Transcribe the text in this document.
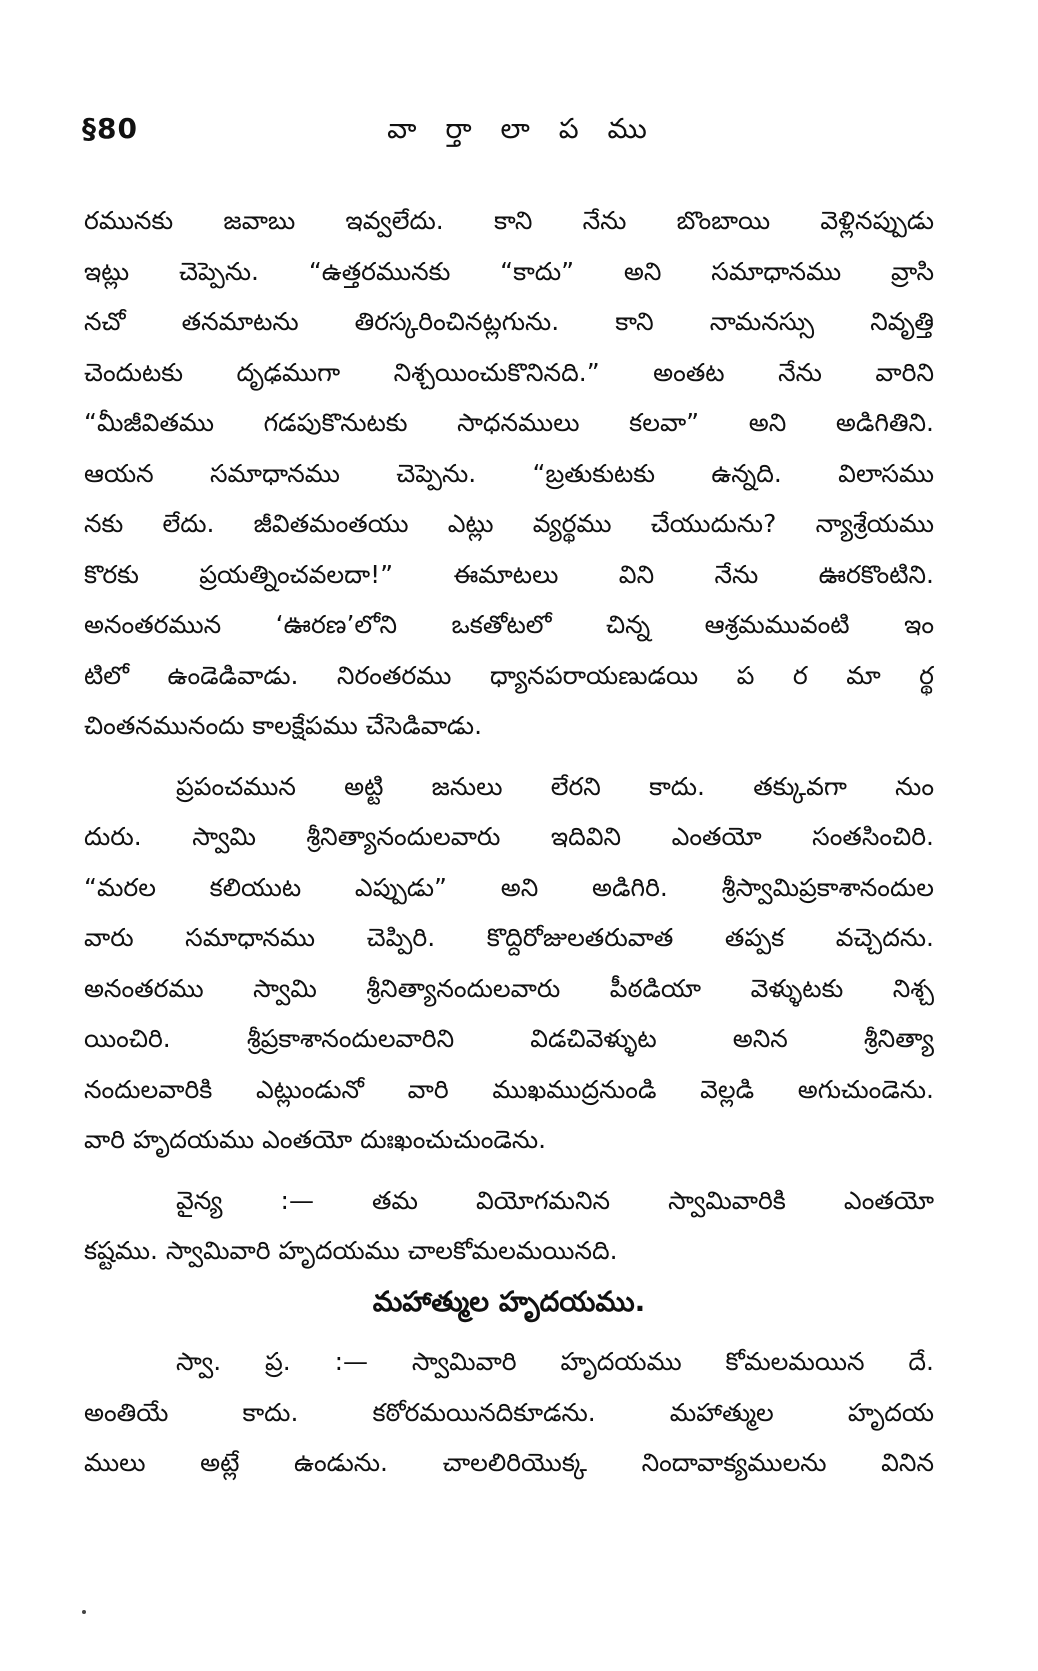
§80	వా ర్తా లా ప ము
రమునకు జవాబు ఇవ్వలేదు. కాని నేను బొంబాయి వెళ్లినప్పుడు
ఇట్లు చెప్పెను. “ఉత్తరమునకు “కాదు” అని సమాధానము వ్రాసి
నచో తనమాటను తిరస్కరించినట్లగును. కాని నామనస్సు నివృత్తి
చెందుటకు దృఢముగా నిశ్చయించుకొనినది.” అంతట నేను వారిని
“మీజీవితము గడపుకొనుటకు సాధనములు కలవా” అని అడిగితిని.
ఆయన సమాధానము చెప్పెను. “బ్రతుకుటకు ఉన్నది. విలాసము
నకు లేదు. జీవితమంతయు ఎట్లు వ్యర్థము చేయుదును? న్యాశ్రేయము
కొరకు ప్రయత్నించవలదా!” ఈమాటలు విని నేను ఊరకొంటిని.
అనంతరమున ‘ఊరణ’లోని ఒకతోటలో చిన్న ఆశ్రమమువంటి ఇం
టిలో ఉండెడివాడు. నిరంతరము ధ్యానపరాయణుడయి ప ర మా ర్థ
చింతనమునందు కాలక్షేపము చేసెడివాడు.
ప్రపంచమున అట్టి జనులు లేరని కాదు. తక్కువగా నుం
దురు. స్వామి శ్రీనిత్యానందులవారు ఇదివిని ఎంతయో సంతసించిరి.
“మరల కలియుట ఎప్పుడు” అని అడిగిరి. శ్రీస్వామిప్రకాశానందుల
వారు సమాధానము చెప్పిరి. కొద్దిరోజులతరువాత తప్పక వచ్చెదను.
అనంతరము స్వామి శ్రీనిత్యానందులవారు పీఠడియా వెళ్ళుటకు నిశ్చ
యించిరి. శ్రీప్రకాశానందులవారిని విడచివెళ్ళుట అనిన శ్రీనిత్యా
నందులవారికి ఎట్లుండునో వారి ముఖముద్రనుండి వెల్లడి అగుచుండెను.
వారి హృదయము ఎంతయో దుఃఖంచుచుండెను.
వైన్య :— తమ వియోగమనిన స్వామివారికి ఎంతయో
కష్టము. స్వామివారి హృదయము చాలకోమలమయినది.
మహాత్ముల హృదయము.
స్వా. ప్ర. :— స్వామివారి హృదయము కోమలమయిన దే.
అంతియే కాదు. కఠోరమయినదికూడను. మహాత్ముల హృదయ
ములు అట్లే ఉండును. చాలలిరియొక్క నిందావాక్యములను వినిన
